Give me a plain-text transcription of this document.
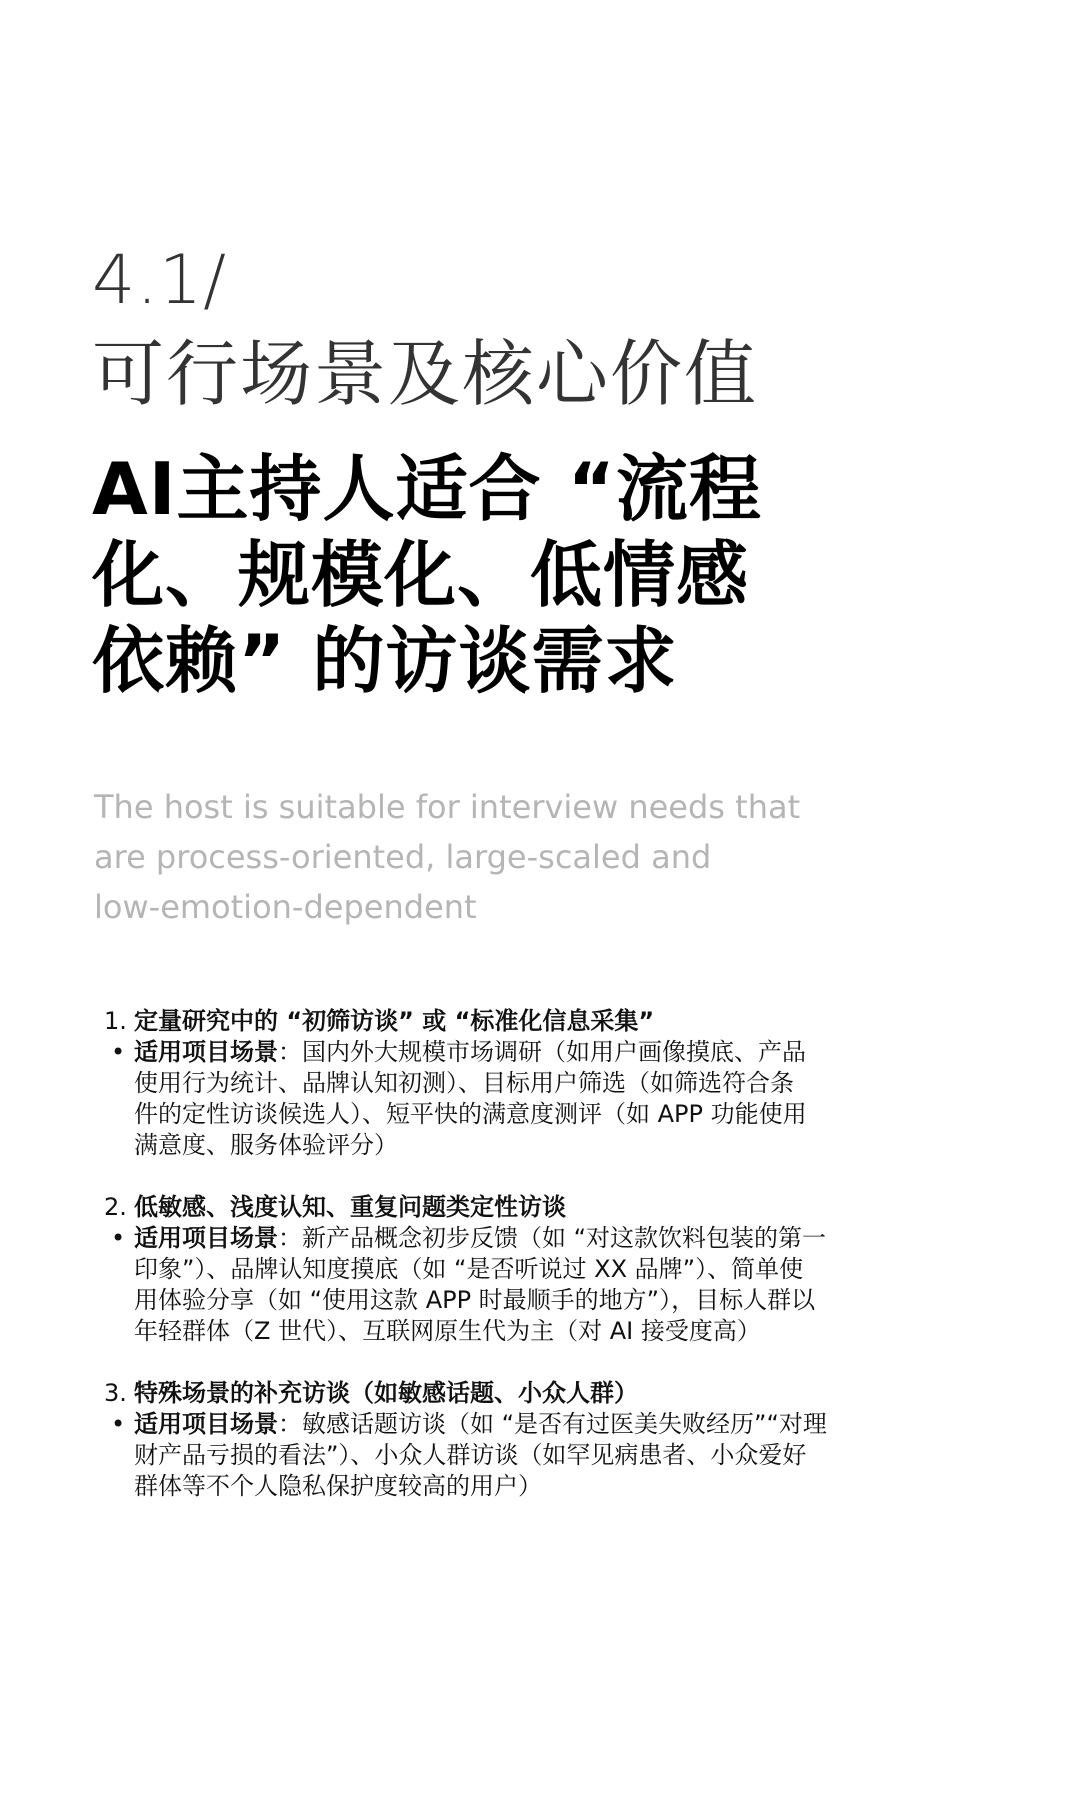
4.1/
可行场景及核心价值
AI主持人适合 “流程
化、规模化、低情感
依赖” 的访谈需求
The host is suitable for interview needs that
are process-oriented, large-scaled and
low-emotion-dependent
1. 定量研究中的 “初筛访谈” 或 “标准化信息采集”
• 适用项目场景：国内外大规模市场调研（如用户画像摸底、产品
使用行为统计、品牌认知初测）、目标用户筛选（如筛选符合条
件的定性访谈候选人）、短平快的满意度测评（如 APP 功能使用
满意度、服务体验评分）
2. 低敏感、浅度认知、重复问题类定性访谈
• 适用项目场景：新产品概念初步反馈（如 “对这款饮料包装的第一
印象”）、品牌认知度摸底（如 “是否听说过 XX 品牌”）、简单使
用体验分享（如 “使用这款 APP 时最顺手的地方”），目标人群以
年轻群体（Z 世代）、互联网原生代为主（对 AI 接受度高）
3. 特殊场景的补充访谈（如敏感话题、小众人群）
• 适用项目场景：敏感话题访谈（如 “是否有过医美失败经历”“对理
财产品亏损的看法”）、小众人群访谈（如罕见病患者、小众爱好
群体等不个人隐私保护度较高的用户）
